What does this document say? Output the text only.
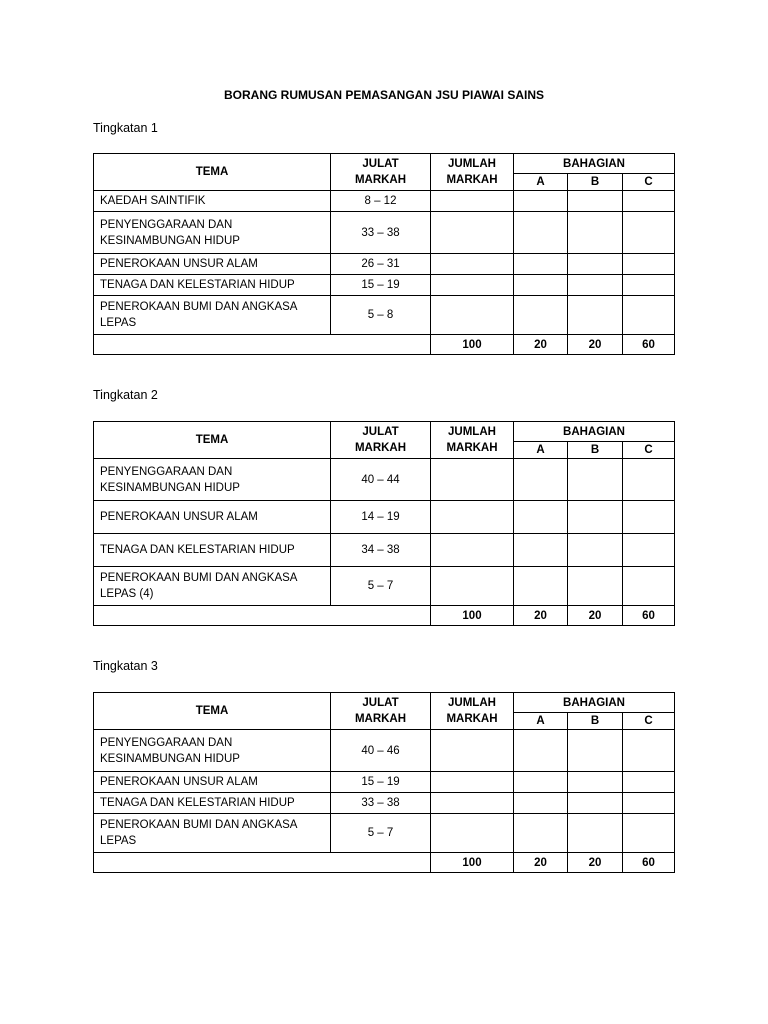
BORANG RUMUSAN PEMASANGAN JSU PIAWAI SAINS
Tingkatan 1
TEMA	JULAT MARKAH	JUMLAH MARKAH	BAHAGIAN		
			A	B	C
KAEDAH SAINTIFIK	8 – 12				
PENYENGGARAAN DAN KESINAMBUNGAN HIDUP	33 – 38				
PENEROKAAN UNSUR ALAM	26 – 31				
TENAGA DAN KELESTARIAN HIDUP	15 – 19				
PENEROKAAN BUMI DAN ANGKASA LEPAS	5 – 8				
		100	20	20	60
Tingkatan 2
TEMA	JULAT MARKAH	JUMLAH MARKAH	BAHAGIAN		
			A	B	C
PENYENGGARAAN DAN KESINAMBUNGAN HIDUP	40 – 44				
PENEROKAAN UNSUR ALAM	14 – 19				
TENAGA DAN KELESTARIAN HIDUP	34 – 38				
PENEROKAAN BUMI DAN ANGKASA LEPAS (4)	5 – 7				
		100	20	20	60
Tingkatan 3
TEMA	JULAT MARKAH	JUMLAH MARKAH	BAHAGIAN		
			A	B	C
PENYENGGARAAN DAN KESINAMBUNGAN HIDUP	40 – 46				
PENEROKAAN UNSUR ALAM	15 – 19				
TENAGA DAN KELESTARIAN HIDUP	33 – 38				
PENEROKAAN BUMI DAN ANGKASA LEPAS	5 – 7				
		100	20	20	60
